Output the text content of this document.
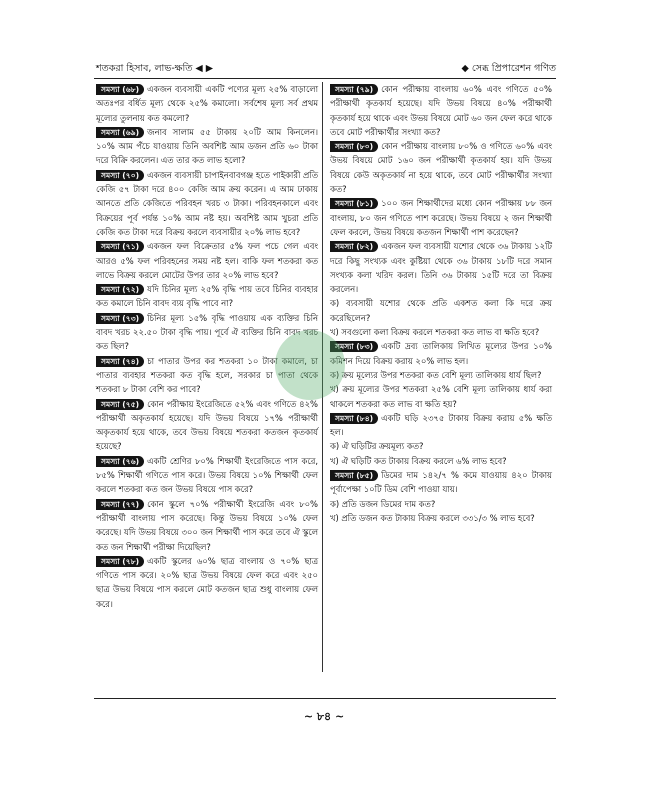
শতকরা হিসাব, লাভ-ক্ষতি ◀ ▶	◆ সেব্ধ প্রিপারেশন গণিত

সমস্যা (৬৮) একজন ব্যবসায়ী একটি পণ্যের মূল্য ২৫% বাড়ালো অতঃপর বর্ধিত মূল্য থেকে ২৫% কমালো। সর্বশেষ মূল্য সর্ব প্রথম মূল্যের তুলনায় কত কমলো?

সমস্যা (৬৯) জনাব সালাম ৫৫ টাকায় ২০টি আম কিনলেন। ১০% আম পঁচে যাওয়ায় তিনি অবশিষ্ট আম ডজন প্রতি ৬০ টাকা দরে বিক্রি করলেন। এত তার কত লাভ হলো?

সমস্যা (৭০) একজন ব্যবসায়ী চাপাইনবাবগঞ্জ হতে পাইকারী প্রতি কেজি ৫৭ টাকা দরে ৪০০ কেজি আম ক্রয় করেন। এ আম ঢাকায় আনতে প্রতি কেজিতে পরিবহন খরচ ৩ টাকা। পরিবহনকালে এবং বিক্রয়ের পূর্ব পর্যন্ত ১০% আম নষ্ট হয়। অবশিষ্ট আম খুচরা প্রতি কেজি কত টাকা দরে বিক্রয় করলে ব্যবসায়ীর ২০% লাভ হবে?

সমস্যা (৭১) একজন ফল বিক্রেতার ৫% ফল পচে গেল এবং আরও ৫% ফল পরিবহনের সময় নষ্ট হল। বাকি ফল শতকরা কত লাভে বিক্রয় করলে মোটের উপর তার ২০% লাভ হবে?

সমস্যা (৭২) যদি চিনির মূল্য ২৫% বৃদ্ধি পায় তবে চিনির ব্যবহার কত কমালে চিনি বাবদ ব্যয় বৃদ্ধি পাবে না?

সমস্যা (৭৩) চিনির মূল্য ১৫% বৃদ্ধি পাওয়ায় এক ব্যক্তির চিনি বাবদ খরচ ২২.৫০ টাকা বৃদ্ধি পায়। পূর্বে ঐ ব্যক্তির চিনি বাবদ খরচ কত ছিল?

সমস্যা (৭৪) চা পাতার উপর কর শতকরা ১০ টাকা কমালে, চা পাতার ব্যবহার শতকরা কত বৃদ্ধি হলে, সরকার চা পাতা থেকে শতকরা ৮ টাকা বেশি কর পাবে?

সমস্যা (৭৫) কোন পরীক্ষায় ইংরেজিতে ৫২% এবং গণিতে ৪২% পরীক্ষার্থী অকৃতকার্য হয়েছে। যদি উভয় বিষয়ে ১৭% পরীক্ষার্থী অকৃতকার্য হয়ে থাকে, তবে উভয় বিষয়ে শতকরা কতজন কৃতকার্য হয়েছে?

সমস্যা (৭৬) একটি শ্রেণির ৮০% শিক্ষার্থী ইংরেজিতে পাস করে, ৮৫% শিক্ষার্থী গণিতে পাস করে। উভয় বিষয়ে ১০% শিক্ষার্থী ফেল করলে শতকরা কত জন উভয় বিষয়ে পাস করে?

সমস্যা (৭৭) কোন স্কুলে ৭০% পরীক্ষার্থী ইংরেজি এবং ৮০% পরীক্ষার্থী বাংলায় পাস করেছে। কিন্তু উভয় বিষয়ে ১০% ফেল করেছে। যদি উভয় বিষয়ে ৩০০ জন শিক্ষার্থী পাস করে তবে ঐ স্কুলে কত জন শিক্ষার্থী পরীক্ষা দিয়েছিল?

সমস্যা (৭৮) একটি স্কুলের ৬০% ছাত্র বাংলায় ও ৭০% ছাত্র গণিতে পাস করে। ২০% ছাত্র উভয় বিষয়ে ফেল করে এবং ২৫০ ছাত্র উভয় বিষয়ে পাস করলে মোট কতজন ছাত্র শুধু বাংলায় ফেল করে।

সমস্যা (৭৯) কোন পরীক্ষায় বাংলায় ৬০% এবং গণিতে ৫০% পরীক্ষার্থী কৃতকার্য হয়েছে। যদি উভয় বিষয়ে ৪০% পরীক্ষার্থী কৃতকার্য হয়ে থাকে এবং উভয় বিষয়ে মোট ৬০ জন ফেল করে থাকে তবে মোট পরীক্ষার্থীর সংখ্যা কত?

সমস্যা (৮০) কোন পরীক্ষায় বাংলায় ৮০% ও গণিতে ৬০% এবং উভয় বিষয়ে মোট ১৬০ জন পরীক্ষার্থী কৃতকার্য হয়। যদি উভয় বিষয়ে কেউ অকৃতকার্য না হয়ে থাকে, তবে মোট পরীক্ষার্থীর সংখ্যা কত?

সমস্যা (৮১) ১০০ জন শিক্ষার্থীদের মধ্যে কোন পরীক্ষায় ৮৮ জন বাংলায়, ৮০ জন গণিতে পাশ করেছে। উভয় বিষয়ে ২ জন শিক্ষার্থী ফেল করলে, উভয় বিষয়ে কতজন শিক্ষার্থী পাশ করেছেন?

সমস্যা (৮২) একজন ফল ব্যবসায়ী যশোর থেকে ৩৬ টাকায় ১২টি দরে কিছু সংখ্যক এবং কুষ্টিয়া থেকে ৩৬ টাকায় ১৮টি দরে সমান সংখ্যক কলা খরিদ করল। তিনি ৩৬ টাকায় ১৫টি দরে তা বিক্রয় করলেন।

ক) ব্যবসায়ী যশোর থেকে প্রতি একশত কলা কি দরে ক্রয় করেছিলেন?

খ) সবগুলো কলা বিক্রয় করলে শতকরা কত লাভ বা ক্ষতি হবে?

সমস্যা (৮৩) একটি দ্রব্য তালিকায় লিখিত মূল্যের উপর ১০% কমিশন দিয়ে বিক্রয় করায় ২০% লাভ হল।

ক) ক্রয় মূল্যের উপর শতকরা কত বেশি মূল্য তালিকায় ধার্য ছিল?

খ) ক্রয় মূল্যের উপর শতকরা ২৫% বেশি মূল্য তালিকায় ধার্য করা থাকলে শতকরা কত লাভ বা ক্ষতি হয়?

সমস্যা (৮৪) একটি ঘড়ি ২৩৭৫ টাকায় বিক্রয় করায় ৫% ক্ষতি হল।

ক) ঐ ঘড়িটির ক্রয়মূল্য কত?

খ) ঐ ঘড়িটি কত টাকায় বিক্রয় করলে ৬% লাভ হবে?

সমস্যা (৮৫) ডিমের দাম ১৪২/৭ % কমে যাওয়ায় ৪২০ টাকায় পূর্বাপেক্ষা ১০টি ডিম বেশি পাওয়া যায়।

ক) প্রতি ডজন ডিমের দাম কত?

খ) প্রতি ডজন কত টাকায় বিক্রয় করলে ৩৩১/৩ % লাভ হবে?

~ ৮৪ ~
